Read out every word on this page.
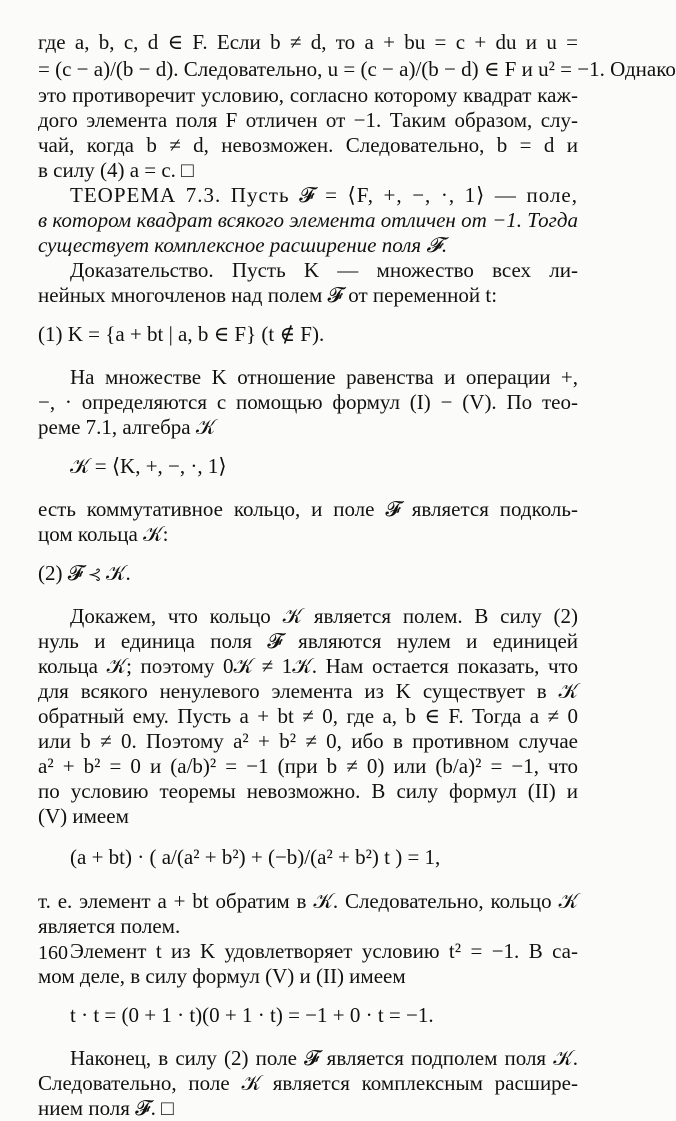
где a, b, c, d ∈ F. Если b ≠ d, то a + bu = c + du и u =
= (c − a)/(b − d). Следовательно, u = (c − a)/(b − d) ∈ F и u² = −1. Однако
это противоречит условию, согласно которому квадрат каж-
дого элемента поля F отличен от −1. Таким образом, слу-
чай, когда b ≠ d, невозможен. Следовательно, b = d и
в силу (4) a = c. □
ТЕОРЕМА 7.3. Пусть 𝓕 = ⟨F, +, −, ·, 1⟩ — поле,
в котором квадрат всякого элемента отличен от −1. Тогда
существует комплексное расширение поля 𝓕.
Доказательство. Пусть K — множество всех ли-
нейных многочленов над полем 𝓕 от переменной t:
(1) K = {a + bt | a, b ∈ F} (t ∉ F).
На множестве K отношение равенства и операции +,
−, · определяются с помощью формул (I) − (V). По тео-
реме 7.1, алгебра 𝒦
𝒦 = ⟨K, +, −, ·, 1⟩
есть коммутативное кольцо, и поле 𝓕 является подколь-
цом кольца 𝒦:
(2) 𝓕 ⊰ 𝒦.
Докажем, что кольцо 𝒦 является полем. В силу (2)
нуль и единица поля 𝓕 являются нулем и единицей
кольца 𝒦; поэтому 0𝒦 ≠ 1𝒦. Нам остается показать, что
для всякого ненулевого элемента из K существует в 𝒦
обратный ему. Пусть a + bt ≠ 0, где a, b ∈ F. Тогда a ≠ 0
или b ≠ 0. Поэтому a² + b² ≠ 0, ибо в противном случае
a² + b² = 0 и (a/b)² = −1 (при b ≠ 0) или (b/a)² = −1, что
по условию теоремы невозможно. В силу формул (II) и
(V) имеем
(a + bt) · ( a/(a² + b²) + (−b)/(a² + b²) t ) = 1,
т. е. элемент a + bt обратим в 𝒦. Следовательно, кольцо 𝒦
является полем.
Элемент t из K удовлетворяет условию t² = −1. В са-
мом деле, в силу формул (V) и (II) имеем
t · t = (0 + 1 · t)(0 + 1 · t) = −1 + 0 · t = −1.
Наконец, в силу (2) поле 𝓕 является подполем поля 𝒦.
Следовательно, поле 𝒦 является комплексным расшире-
нием поля 𝓕. □
160
